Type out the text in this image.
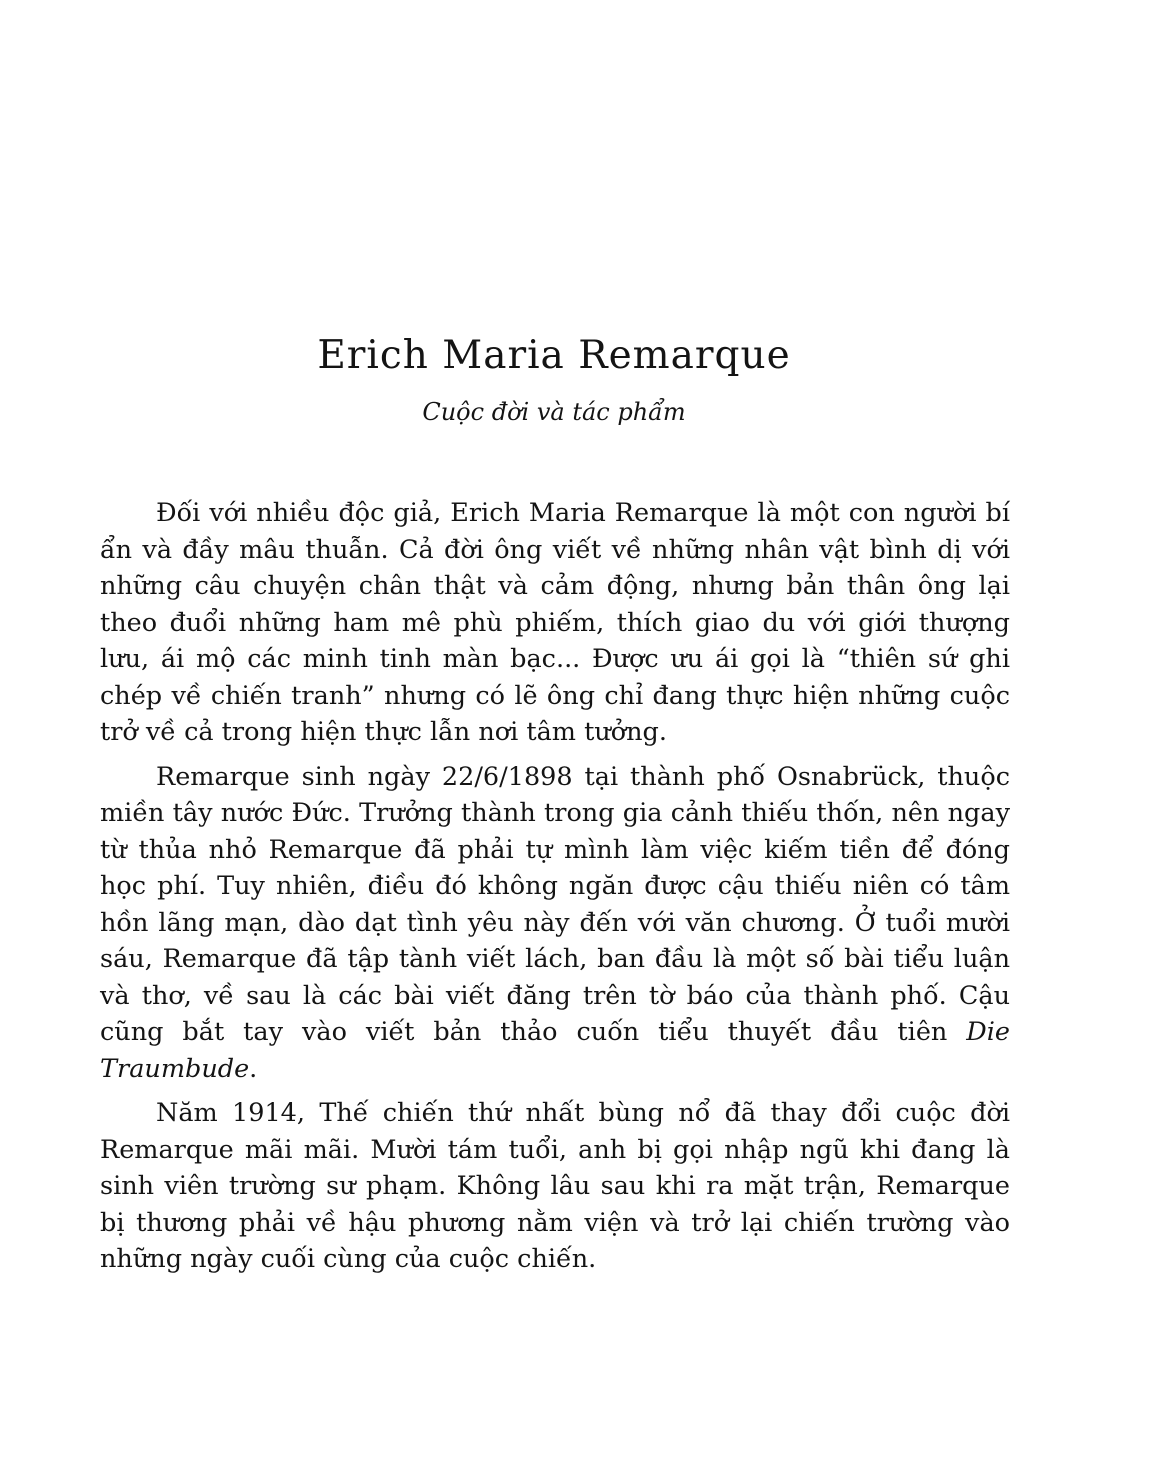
Erich Maria Remarque
Cuộc đời và tác phẩm

Đối với nhiều độc giả, Erich Maria Remarque là một con người bí ẩn và đầy mâu thuẫn. Cả đời ông viết về những nhân vật bình dị với những câu chuyện chân thật và cảm động, nhưng bản thân ông lại theo đuổi những ham mê phù phiếm, thích giao du với giới thượng lưu, ái mộ các minh tinh màn bạc... Được ưu ái gọi là “thiên sứ ghi chép về chiến tranh” nhưng có lẽ ông chỉ đang thực hiện những cuộc trở về cả trong hiện thực lẫn nơi tâm tưởng.

Remarque sinh ngày 22/6/1898 tại thành phố Osnabrück, thuộc miền tây nước Đức. Trưởng thành trong gia cảnh thiếu thốn, nên ngay từ thủa nhỏ Remarque đã phải tự mình làm việc kiếm tiền để đóng học phí. Tuy nhiên, điều đó không ngăn được cậu thiếu niên có tâm hồn lãng mạn, dào dạt tình yêu này đến với văn chương. Ở tuổi mười sáu, Remarque đã tập tành viết lách, ban đầu là một số bài tiểu luận và thơ, về sau là các bài viết đăng trên tờ báo của thành phố. Cậu cũng bắt tay vào viết bản thảo cuốn tiểu thuyết đầu tiên Die Traumbude.

Năm 1914, Thế chiến thứ nhất bùng nổ đã thay đổi cuộc đời Remarque mãi mãi. Mười tám tuổi, anh bị gọi nhập ngũ khi đang là sinh viên trường sư phạm. Không lâu sau khi ra mặt trận, Remarque bị thương phải về hậu phương nằm viện và trở lại chiến trường vào những ngày cuối cùng của cuộc chiến.
